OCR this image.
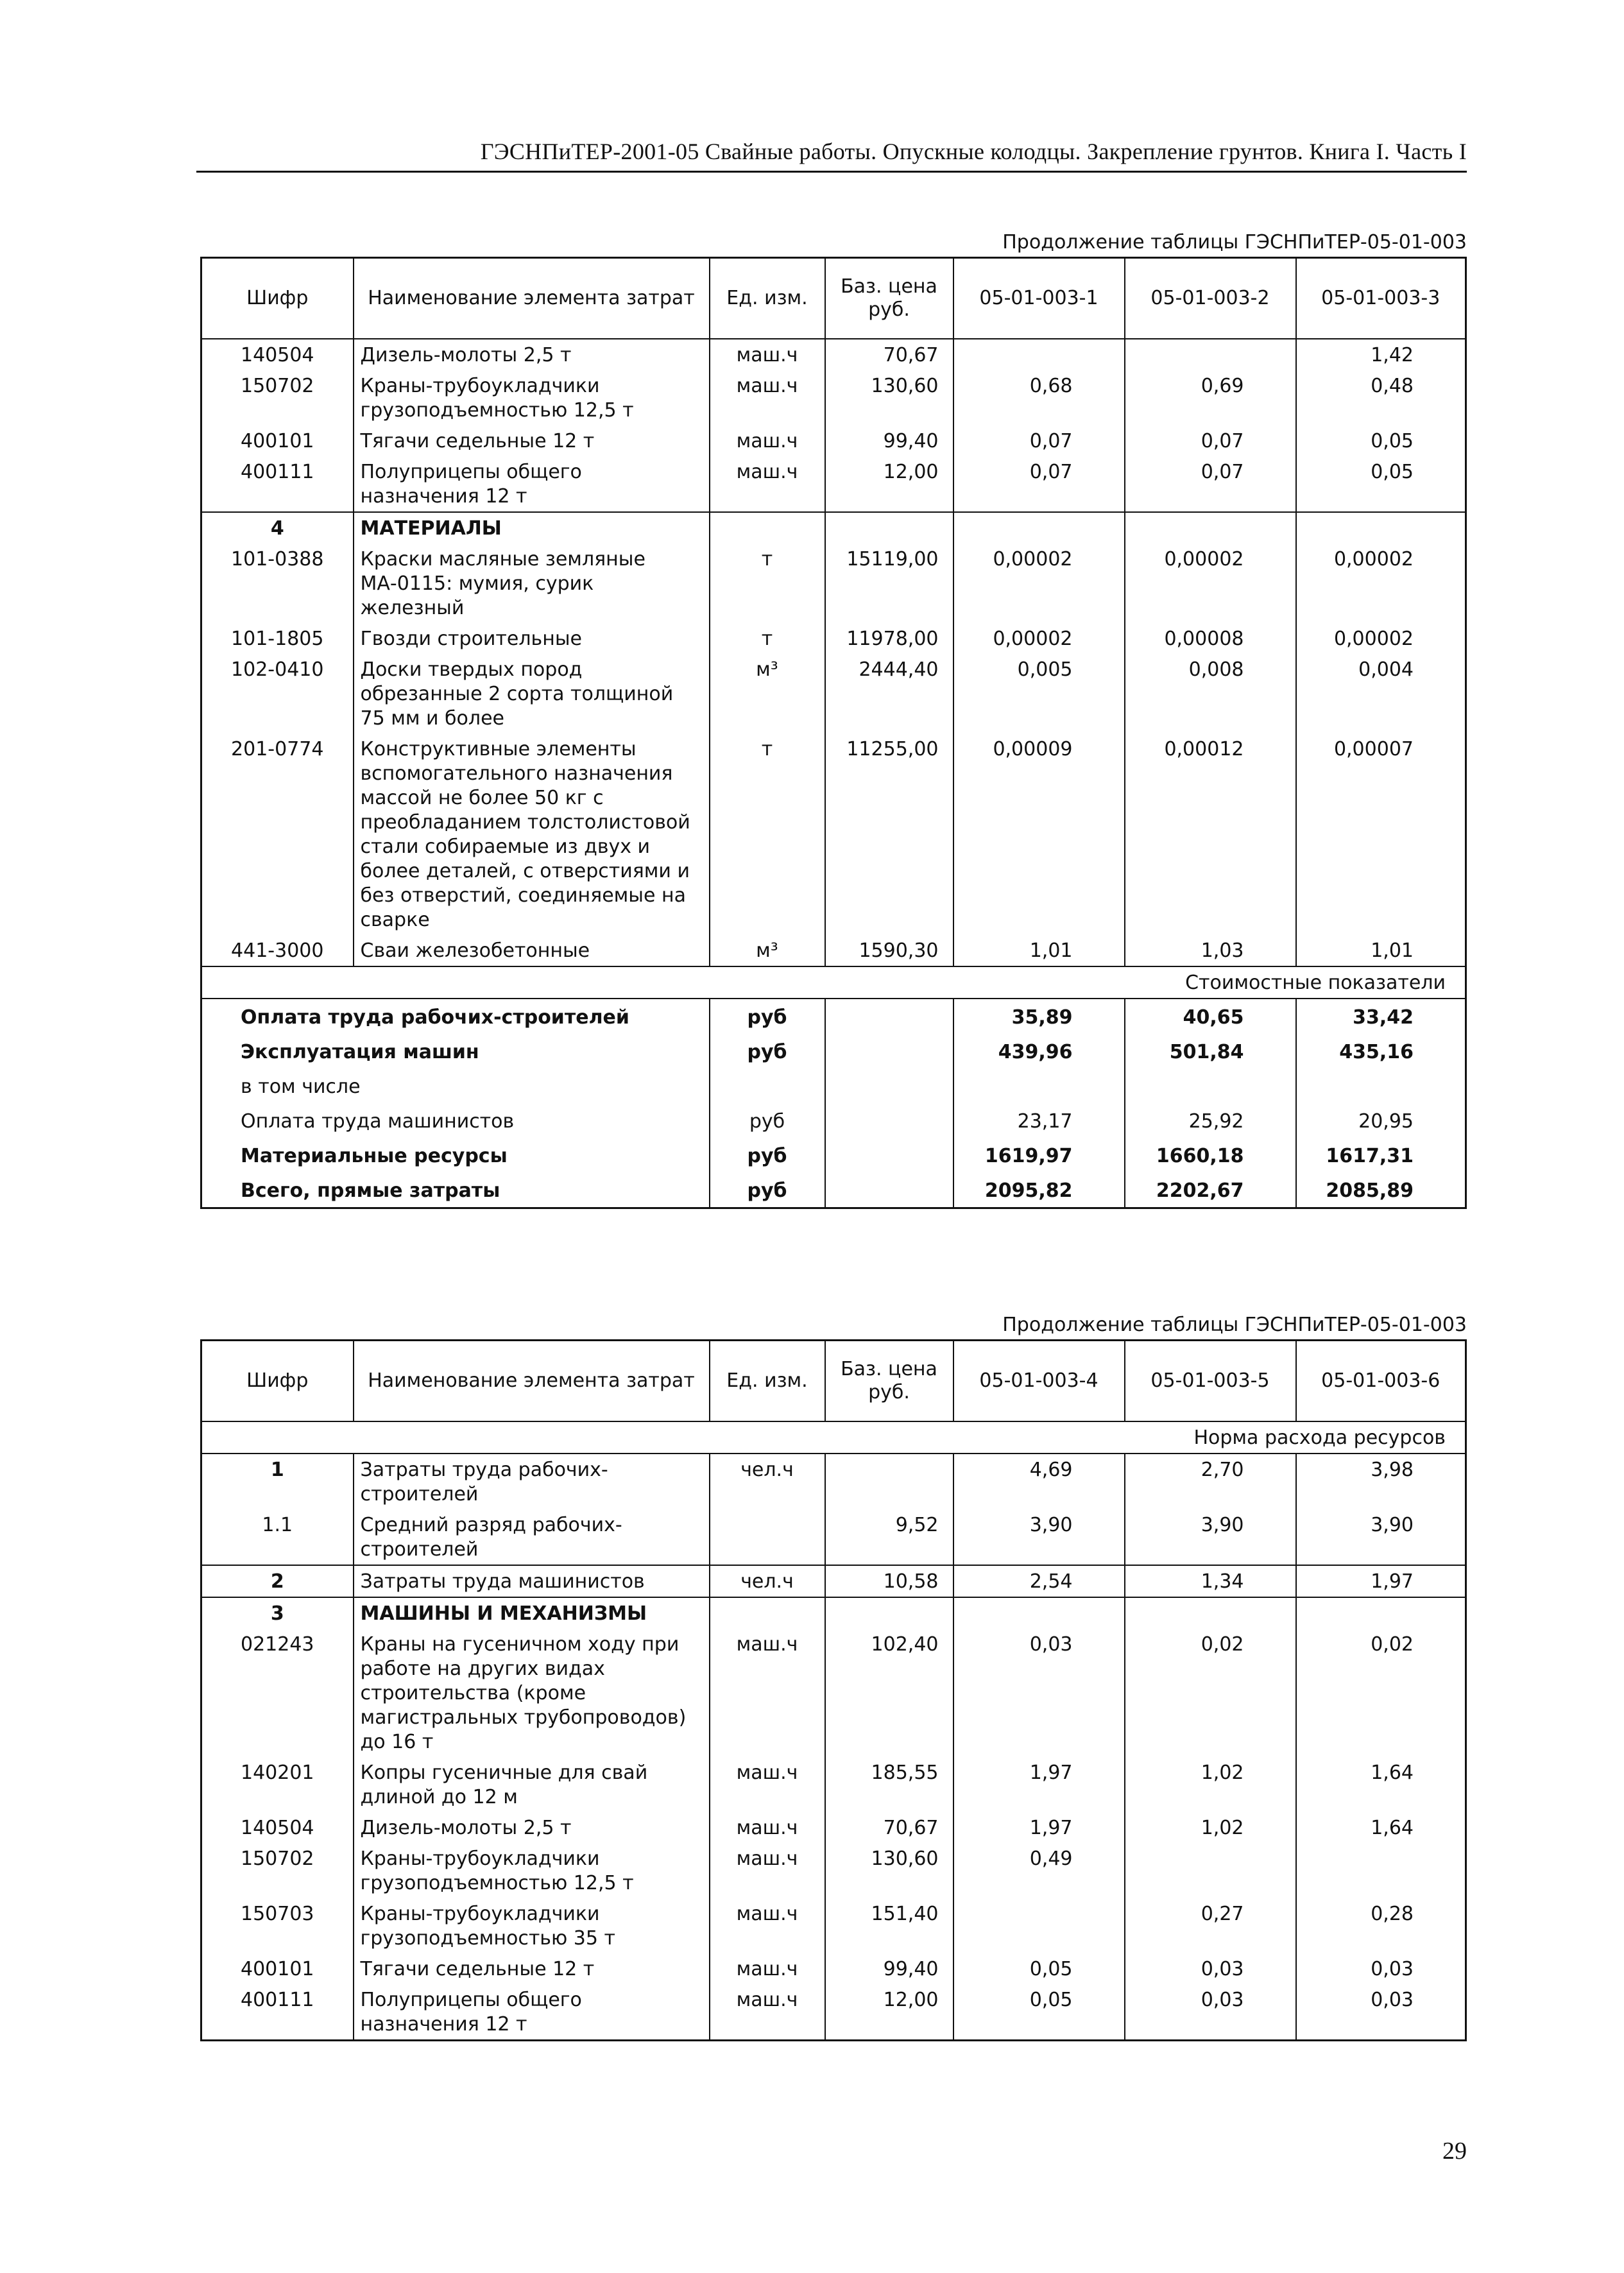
ГЭСНПиТЕР-2001-05 Свайные работы. Опускные колодцы. Закрепление грунтов. Книга I. Часть I
Продолжение таблицы ГЭСНПиТЕР-05-01-003
Шифр	Наименование элемента затрат	Ед. изм.	Баз. цена руб.	05-01-003-1	05-01-003-2	05-01-003-3
140504	Дизель-молоты 2,5 т	маш.ч	70,67			1,42
150702	Краны-трубоукладчики грузоподъемностью 12,5 т	маш.ч	130,60	0,68	0,69	0,48
400101	Тягачи седельные 12 т	маш.ч	99,40	0,07	0,07	0,05
400111	Полуприцепы общего назначения 12 т	маш.ч	12,00	0,07	0,07	0,05
4	МАТЕРИАЛЫ					
101-0388	Краски масляные земляные МА-0115: мумия, сурик железный	т	15119,00	0,00002	0,00002	0,00002
101-1805	Гвозди строительные	т	11978,00	0,00002	0,00008	0,00002
102-0410	Доски твердых пород обрезанные 2 сорта толщиной 75 мм и более	м³	2444,40	0,005	0,008	0,004
201-0774	Конструктивные элементы вспомогательного назначения массой не более 50 кг с преобладанием толстолистовой стали собираемые из двух и более деталей, с отверстиями и без отверстий, соединяемые на сварке	т	11255,00	0,00009	0,00012	0,00007
441-3000	Сваи железобетонные	м³	1590,30	1,01	1,03	1,01
Стоимостные показатели						
Оплата труда рабочих-строителей		руб		35,89	40,65	33,42
Эксплуатация машин		руб		439,96	501,84	435,16
в том числе						
Оплата труда машинистов		руб		23,17	25,92	20,95
Материальные ресурсы		руб		1619,97	1660,18	1617,31
Всего, прямые затраты		руб		2095,82	2202,67	2085,89
Продолжение таблицы ГЭСНПиТЕР-05-01-003
Шифр	Наименование элемента затрат	Ед. изм.	Баз. цена руб.	05-01-003-4	05-01-003-5	05-01-003-6
Норма расхода ресурсов						
1	Затраты труда рабочих-строителей	чел.ч		4,69	2,70	3,98
1.1	Средний разряд рабочих-строителей		9,52	3,90	3,90	3,90
2	Затраты труда машинистов	чел.ч	10,58	2,54	1,34	1,97
3	МАШИНЫ И МЕХАНИЗМЫ					
021243	Краны на гусеничном ходу при работе на других видах строительства (кроме магистральных трубопроводов) до 16 т	маш.ч	102,40	0,03	0,02	0,02
140201	Копры гусеничные для свай длиной до 12 м	маш.ч	185,55	1,97	1,02	1,64
140504	Дизель-молоты 2,5 т	маш.ч	70,67	1,97	1,02	1,64
150702	Краны-трубоукладчики грузоподъемностью 12,5 т	маш.ч	130,60	0,49		
150703	Краны-трубоукладчики грузоподъемностью 35 т	маш.ч	151,40		0,27	0,28
400101	Тягачи седельные 12 т	маш.ч	99,40	0,05	0,03	0,03
400111	Полуприцепы общего назначения 12 т	маш.ч	12,00	0,05	0,03	0,03
29
